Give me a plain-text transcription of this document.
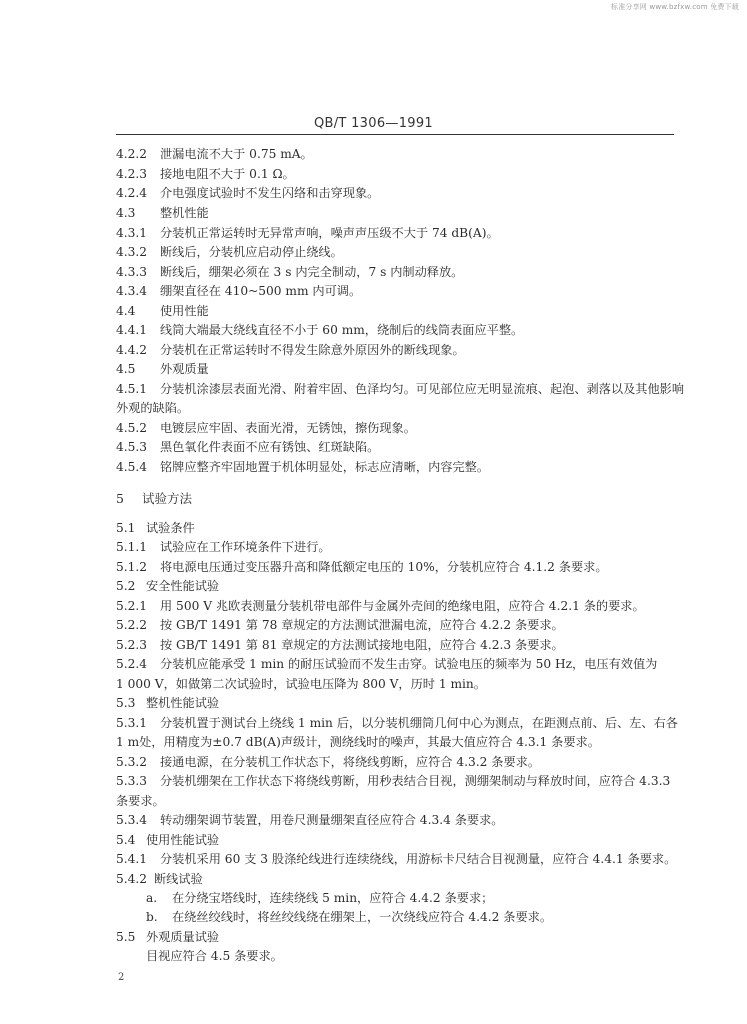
标准分享网 www.bzfxw.com 免费下载
QB/T 1306—1991
4.2.2 泄漏电流不大于 0.75 mA。
4.2.3 接地电阻不大于 0.1 Ω。
4.2.4 介电强度试验时不发生闪络和击穿现象。
4.3 整机性能
4.3.1 分装机正常运转时无异常声响，噪声声压级不大于 74 dB(A)。
4.3.2 断线后，分装机应启动停止绕线。
4.3.3 断线后，绷架必须在 3 s 内完全制动，7 s 内制动释放。
4.3.4 绷架直径在 410~500 mm 内可调。
4.4 使用性能
4.4.1 线筒大端最大绕线直径不小于 60 mm，绕制后的线筒表面应平整。
4.4.2 分装机在正常运转时不得发生除意外原因外的断线现象。
4.5 外观质量
4.5.1 分装机涂漆层表面光滑、附着牢固、色泽均匀。可见部位应无明显流痕、起泡、剥落以及其他影响
外观的缺陷。
4.5.2 电镀层应牢固、表面光滑，无锈蚀，擦伤现象。
4.5.3 黑色氧化件表面不应有锈蚀、红斑缺陷。
4.5.4 铭牌应整齐牢固地置于机体明显处，标志应清晰，内容完整。
5 试验方法
5.1 试验条件
5.1.1 试验应在工作环境条件下进行。
5.1.2 将电源电压通过变压器升高和降低额定电压的 10%，分装机应符合 4.1.2 条要求。
5.2 安全性能试验
5.2.1 用 500 V 兆欧表测量分装机带电部件与金属外壳间的绝缘电阻，应符合 4.2.1 条的要求。
5.2.2 按 GB/T 1491 第 78 章规定的方法测试泄漏电流，应符合 4.2.2 条要求。
5.2.3 按 GB/T 1491 第 81 章规定的方法测试接地电阻，应符合 4.2.3 条要求。
5.2.4 分装机应能承受 1 min 的耐压试验而不发生击穿。试验电压的频率为 50 Hz，电压有效值为
1 000 V，如做第二次试验时，试验电压降为 800 V，历时 1 min。
5.3 整机性能试验
5.3.1 分装机置于测试台上绕线 1 min 后，以分装机绷筒几何中心为测点，在距测点前、后、左、右各
1 m处，用精度为±0.7 dB(A)声级计，测绕线时的噪声，其最大值应符合 4.3.1 条要求。
5.3.2 接通电源，在分装机工作状态下，将绕线剪断，应符合 4.3.2 条要求。
5.3.3 分装机绷架在工作状态下将绕线剪断，用秒表结合目视，测绷架制动与释放时间，应符合 4.3.3
条要求。
5.3.4 转动绷架调节装置，用卷尺测量绷架直径应符合 4.3.4 条要求。
5.4 使用性能试验
5.4.1 分装机采用 60 支 3 股涤纶线进行连续绕线，用游标卡尺结合目视测量，应符合 4.4.1 条要求。
5.4.2 断线试验
a. 在分绕宝塔线时，连续绕线 5 min，应符合 4.4.2 条要求；
b. 在绕丝绞线时，将丝绞线绕在绷架上，一次绕线应符合 4.4.2 条要求。
5.5 外观质量试验
目视应符合 4.5 条要求。
2
